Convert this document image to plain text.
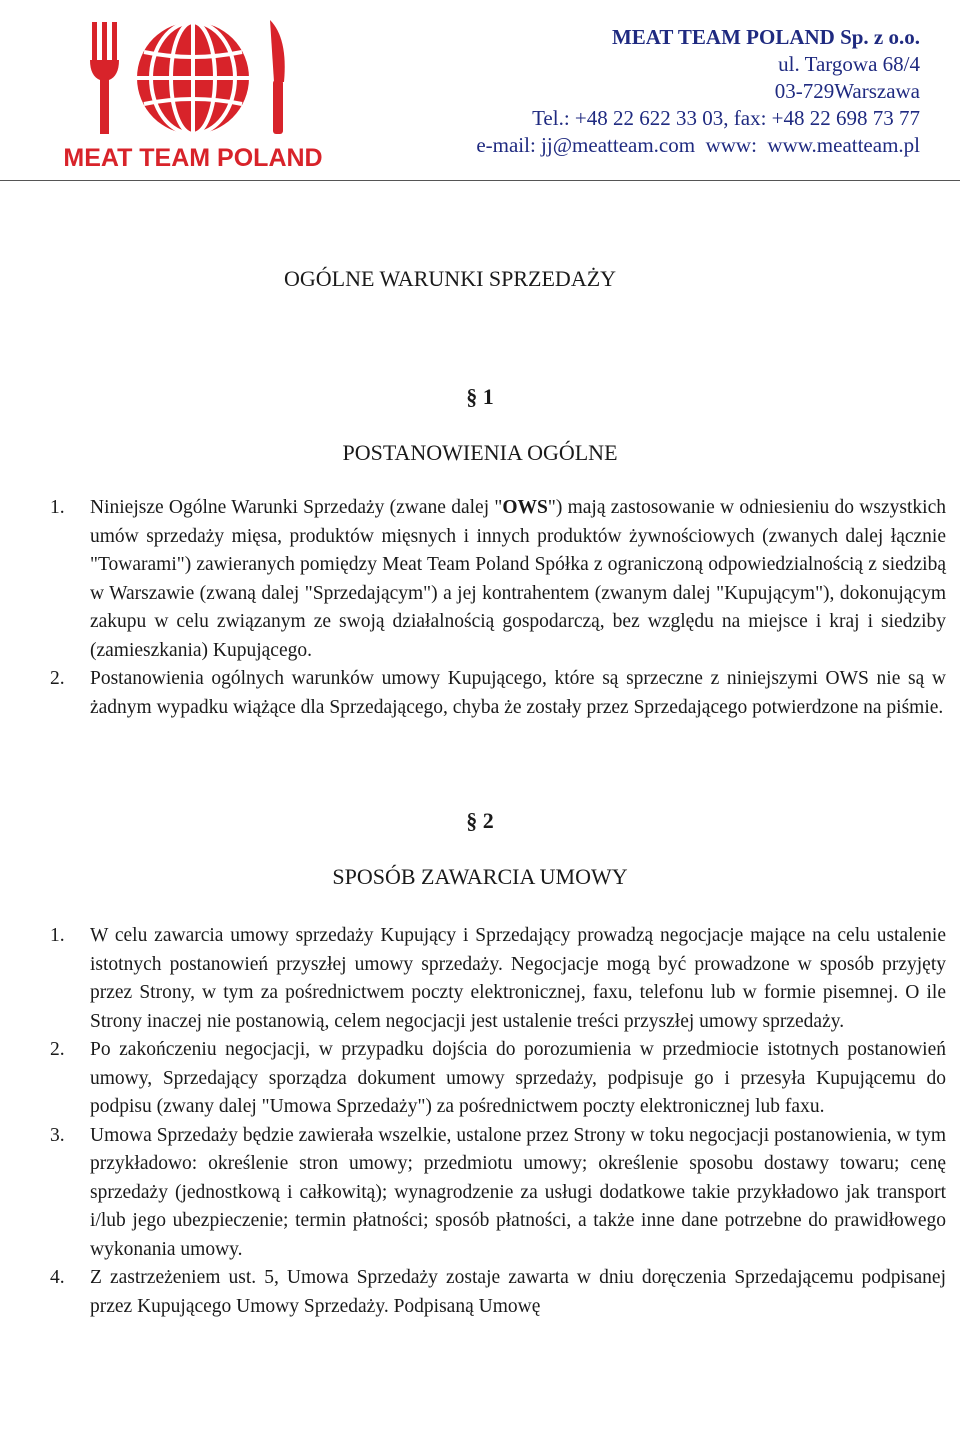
MEAT TEAM POLAND
MEAT TEAM POLAND Sp. z o.o.
ul. Targowa 68/4
03-729Warszawa
Tel.: +48 22 622 33 03, fax: +48 22 698 73 77
e-mail: jj@meatteam.com  www:  www.meatteam.pl
OGÓLNE WARUNKI SPRZEDAŻY
§ 1
POSTANOWIENIA OGÓLNE
1. Niniejsze Ogólne Warunki Sprzedaży (zwane dalej "OWS") mają zastosowanie w odniesieniu do wszystkich umów sprzedaży mięsa, produktów mięsnych i innych produktów żywnościowych (zwanych dalej łącznie "Towarami") zawieranych pomiędzy Meat Team Poland Spółka z ograniczoną odpowiedzialnością z siedzibą w Warszawie (zwaną dalej "Sprzedającym") a jej kontrahentem (zwanym dalej "Kupującym"), dokonującym zakupu w celu związanym ze swoją działalnością gospodarczą, bez względu na miejsce i kraj i siedziby (zamieszkania) Kupującego.
2. Postanowienia ogólnych warunków umowy Kupującego, które są sprzeczne z niniejszymi OWS nie są w żadnym wypadku wiążące dla Sprzedającego, chyba że zostały przez Sprzedającego potwierdzone na piśmie.
§ 2
SPOSÓB ZAWARCIA UMOWY
1. W celu zawarcia umowy sprzedaży Kupujący i Sprzedający prowadzą negocjacje mające na celu ustalenie istotnych postanowień przyszłej umowy sprzedaży. Negocjacje mogą być prowadzone w sposób przyjęty przez Strony, w tym za pośrednictwem poczty elektronicznej, faxu, telefonu lub w formie pisemnej. O ile Strony inaczej nie postanowią, celem negocjacji jest ustalenie treści przyszłej umowy sprzedaży.
2. Po zakończeniu negocjacji, w przypadku dojścia do porozumienia w przedmiocie istotnych postanowień umowy, Sprzedający sporządza dokument umowy sprzedaży, podpisuje go i przesyła Kupującemu do podpisu (zwany dalej "Umowa Sprzedaży") za pośrednictwem poczty elektronicznej lub faxu.
3. Umowa Sprzedaży będzie zawierała wszelkie, ustalone przez Strony w toku negocjacji postanowienia, w tym przykładowo: określenie stron umowy; przedmiotu umowy; określenie sposobu dostawy towaru; cenę sprzedaży (jednostkową i całkowitą); wynagrodzenie za usługi dodatkowe takie przykładowo jak transport i/lub jego ubezpieczenie; termin płatności; sposób płatności, a także inne dane potrzebne do prawidłowego wykonania umowy.
4. Z zastrzeżeniem ust. 5, Umowa Sprzedaży zostaje zawarta w dniu doręczenia Sprzedającemu podpisanej przez Kupującego Umowy Sprzedaży. Podpisaną Umowę
